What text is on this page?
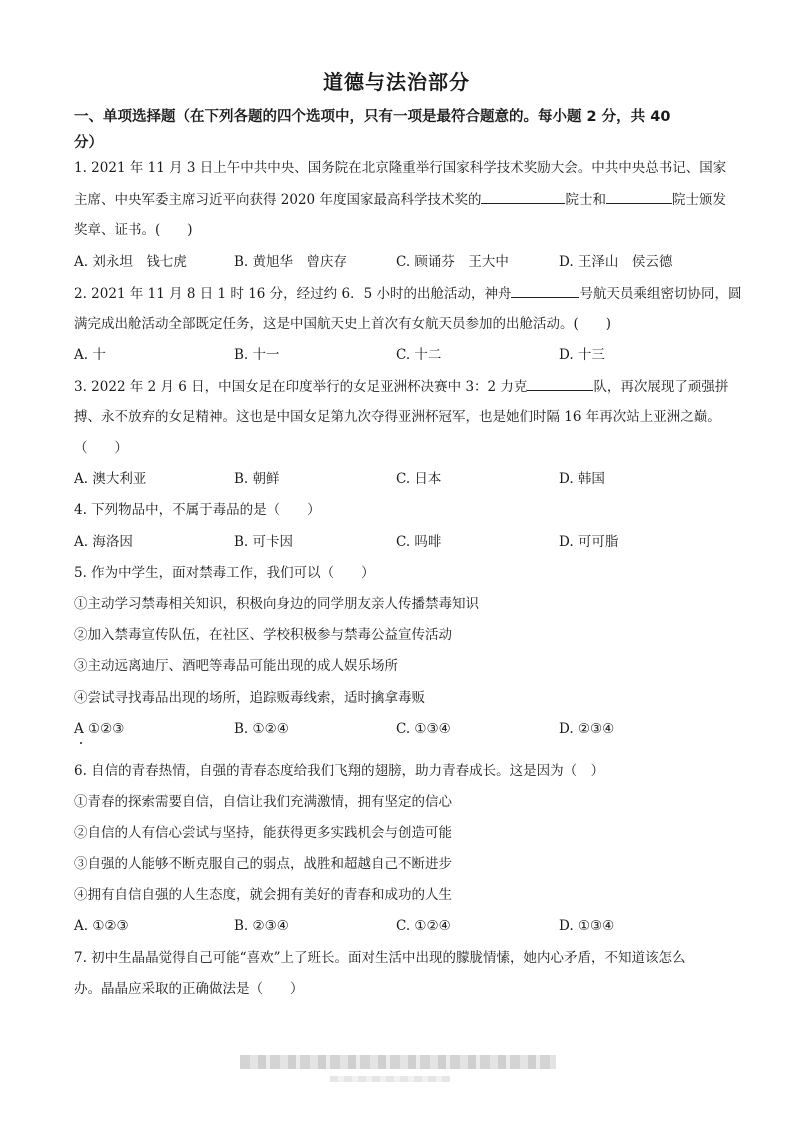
道德与法治部分
一、单项选择题（在下列各题的四个选项中，只有一项是最符合题意的。每小题 2 分，共 40
分）
1. 2021 年 11 月 3 日上午中共中央、国务院在北京隆重举行国家科学技术奖励大会。中共中央总书记、国家
主席、中央军委主席习近平向获得 2020 年度国家最高科学技术奖的	院士和	院士颁发
奖章、证书。(　　)
A. 刘永坦　钱七虎	B. 黄旭华　曾庆存	C. 顾诵芬　王大中	D. 王泽山　侯云德
2. 2021 年 11 月 8 日 1 时 16 分，经过约 6．5 小时的出舱活动，神舟	号航天员乘组密切协同，圆
满完成出舱活动全部既定任务，这是中国航天史上首次有女航天员参加的出舱活动。(　　)
A. 十	B. 十一	C. 十二	D. 十三
3. 2022 年 2 月 6 日，中国女足在印度举行的女足亚洲杯决赛中 3：2 力克	队，再次展现了顽强拼
搏、永不放弃的女足精神。这也是中国女足第九次夺得亚洲杯冠军，也是她们时隔 16 年再次站上亚洲之巅。
（　　）
A. 澳大利亚	B. 朝鲜	C. 日本	D. 韩国
4. 下列物品中，不属于毒品的是（　　）
A. 海洛因	B. 可卡因	C. 吗啡	D. 可可脂
5. 作为中学生，面对禁毒工作，我们可以（　　）
①主动学习禁毒相关知识，积极向身边的同学朋友亲人传播禁毒知识
②加入禁毒宣传队伍，在社区、学校积极参与禁毒公益宣传活动
③主动远离迪厅、酒吧等毒品可能出现的成人娱乐场所
④尝试寻找毒品出现的场所，追踪贩毒线索，适时擒拿毒贩
A ①②③	B. ①②④	C. ①③④	D. ②③④
6. 自信的青春热情，自强的青春态度给我们飞翔的翅膀，助力青春成长。这是因为（　）
①青春的探索需要自信，自信让我们充满激情，拥有坚定的信心
②自信的人有信心尝试与坚持，能获得更多实践机会与创造可能
③自强的人能够不断克服自己的弱点，战胜和超越自己不断进步
④拥有自信自强的人生态度，就会拥有美好的青春和成功的人生
A. ①②③	B. ②③④	C. ①②④	D. ①③④
7. 初中生晶晶觉得自己可能“喜欢”上了班长。面对生活中出现的朦胧情愫，她内心矛盾，不知道该怎么
办。晶晶应采取的正确做法是（　　）
